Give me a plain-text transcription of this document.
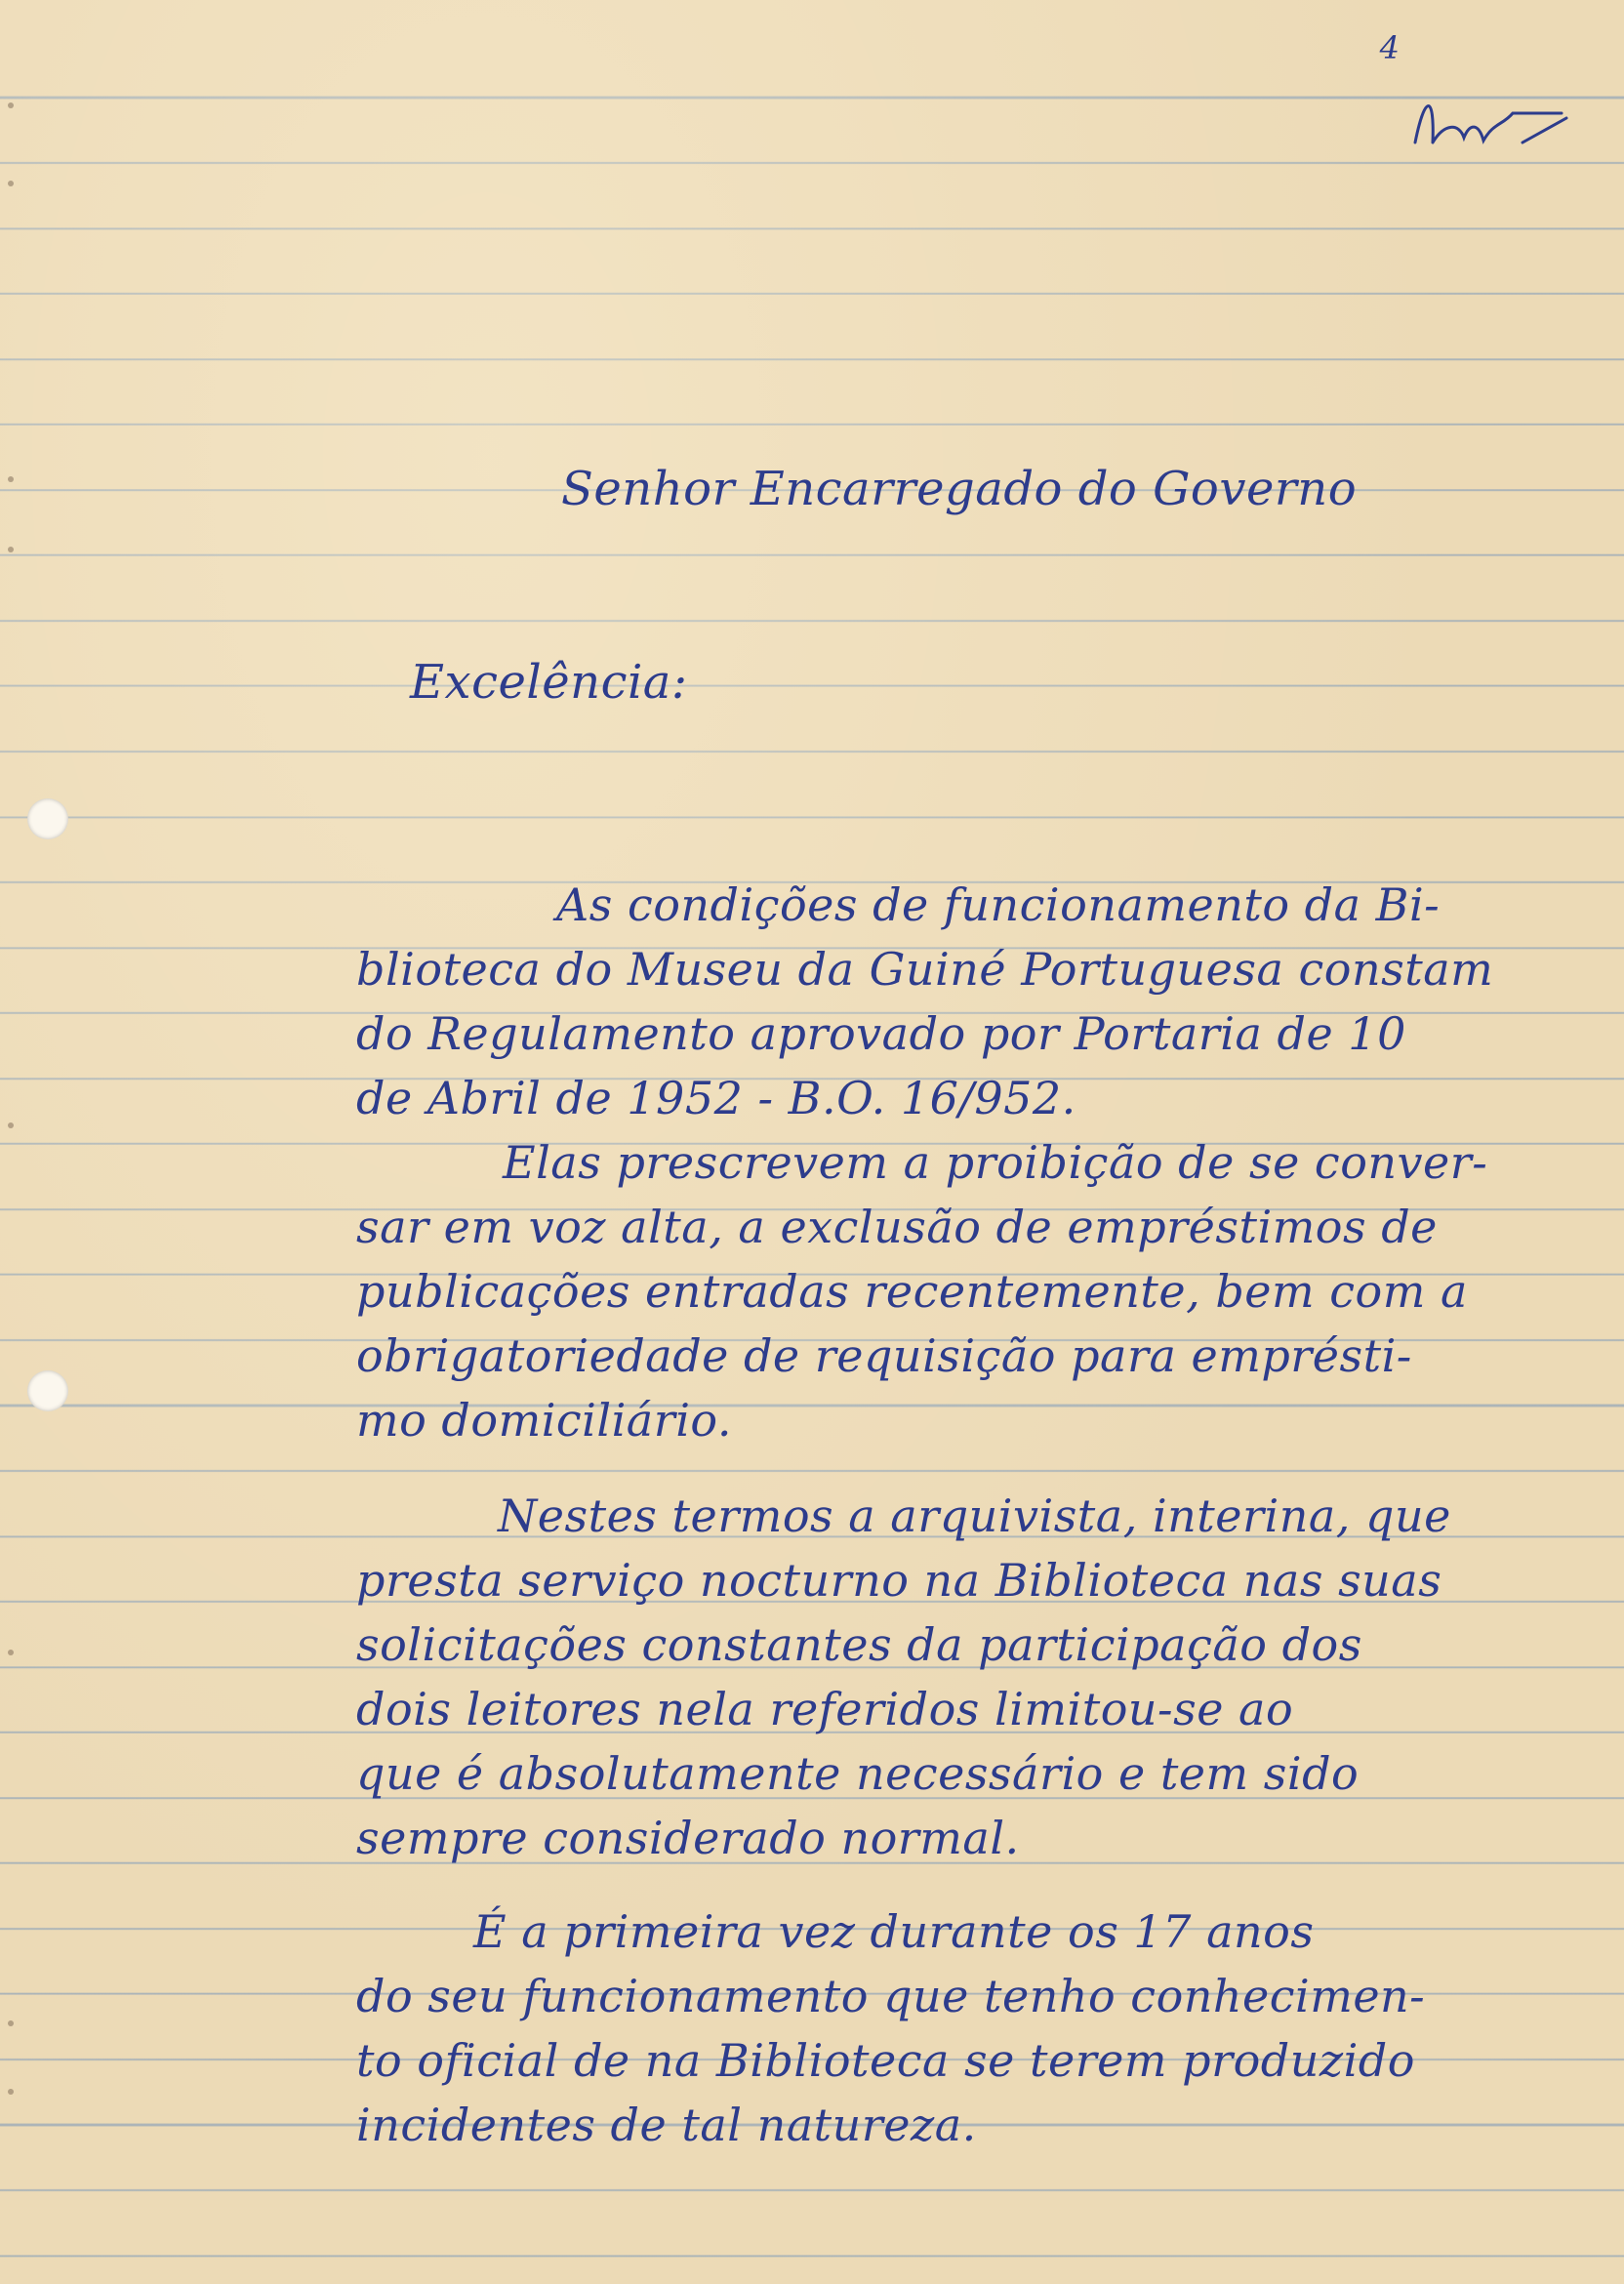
4

Senhor Encarregado do Governo

Excelência:

As condições de funcionamento da Bi-

blioteca do Museu da Guiné Portuguesa constam

do Regulamento aprovado por Portaria de 10

de Abril de 1952 - B.O. 16/952.

Elas prescrevem a proibição de se conver-

sar em voz alta, a exclusão de empréstimos de

publicações entradas recentemente, bem com a

obrigatoriedade de requisição para emprésti-

mo domiciliário.

Nestes termos a arquivista, interina, que

presta serviço nocturno na Biblioteca nas suas

solicitações constantes da participação dos

dois leitores nela referidos limitou-se ao

que é absolutamente necessário e tem sido

sempre considerado normal.

É a primeira vez durante os 17 anos

do seu funcionamento que tenho conhecimen-

to oficial de na Biblioteca se terem produzido

incidentes de tal natureza.
